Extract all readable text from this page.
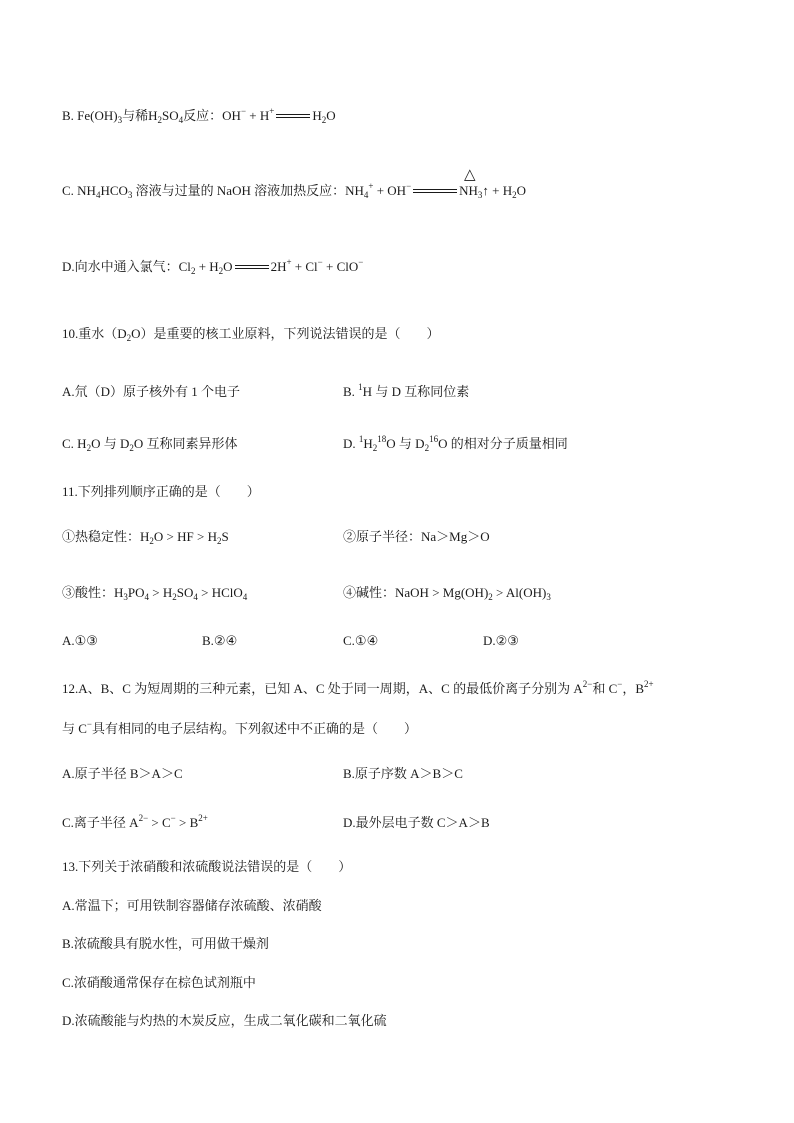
B. $Fe(OH)_3$与稀$H_2SO_4$反应：OH− + H+	$H_2O$
△
C. $NH_4HCO_3$ 溶液与过量的 NaOH 溶液加热反应：$NH_4^+ + OH^-$	$NH_3↑ + H_2O$
D.向水中通入氯气：$Cl_2 + H_2O$	2H+ + Cl− + ClO−
10.重水$(D_2O)$是重要的核工业原料，下列说法错误的是（　　）
A.氘（D）原子核外有 1 个电子	B. $^1$H 与 D 互称同位素
C. $H_2O$ 与 $D_2O$ 互称同素异形体	D. $^1H_2^{18}O$ 与 $D_2^{16}O$ 的相对分子质量相同
11.下列排列顺序正确的是（　　）
①热稳定性：$H_2O$ > HF > $H_2S$	②原子半径：Na＞Mg＞O
③酸性：$H_3PO_4 > H_2SO_4$ > HClO$_4$	④碱性：NaOH > $Mg(OH)_2 > Al(OH)_3$
A.①③	B.②④	C.①④	D.②③
12.A、B、C 为短周期的三种元素，已知 A、C 处于同一周期，A、C 的最低价离子分别为 $A^{2-}$和 C−，$B^{2+}$
与 C−具有相同的电子层结构。下列叙述中不正确的是（　　）
A.原子半径 B＞A＞C	B.原子序数 A＞B＞C
C.离子半径 $A^{2-} > C^- > B^{2+}$	D.最外层电子数 C＞A＞B
13.下列关于浓硝酸和浓硫酸说法错误的是（　　）
A.常温下；可用铁制容器储存浓硫酸、浓硝酸
B.浓硫酸具有脱水性，可用做干燥剂
C.浓硝酸通常保存在棕色试剂瓶中
D.浓硫酸能与灼热的木炭反应，生成二氧化碳和二氧化硫
